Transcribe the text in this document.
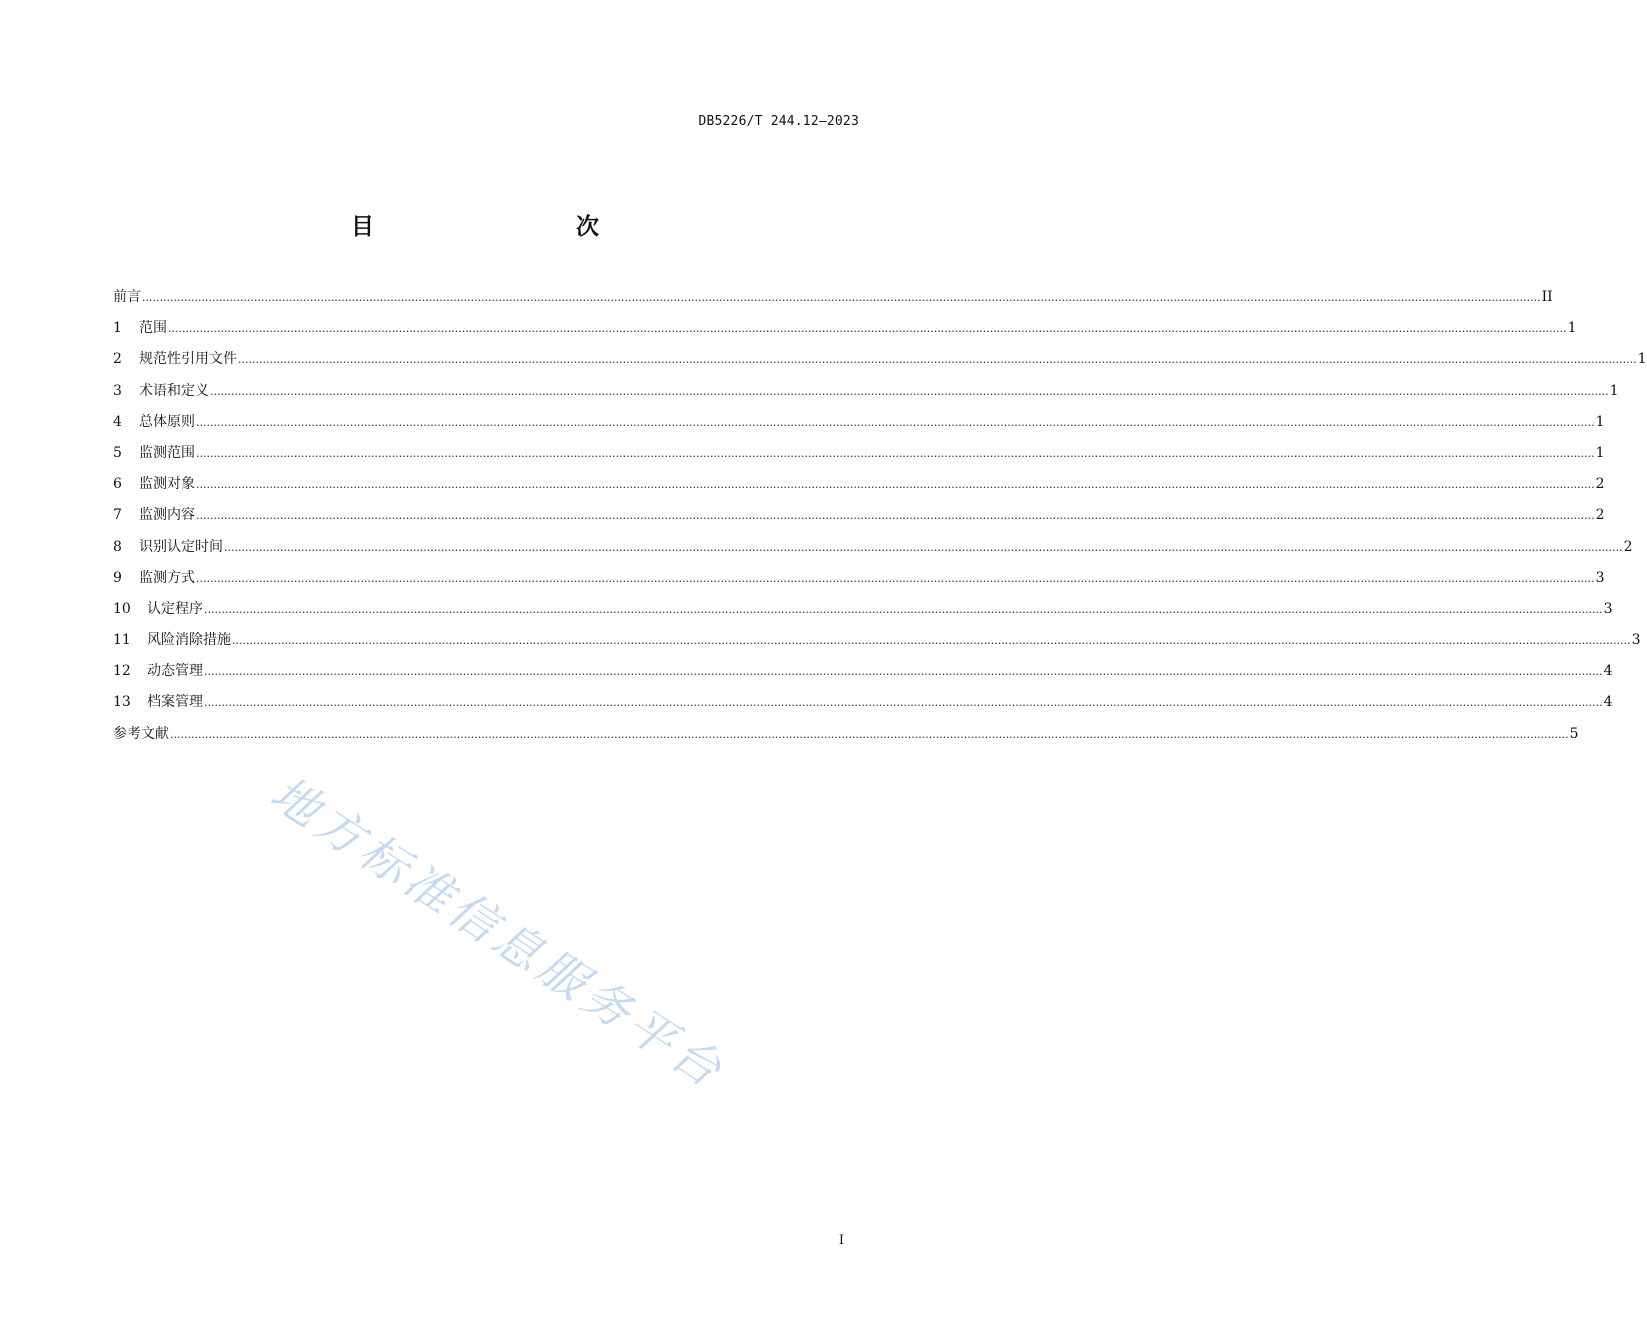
DB5226/T 244.12—2023
目　　次
前言 ................................................................................................................................................................................................................................................................................................................................................................................................................ II
1	范围 ................................................................................................................................................................................................................................................................................................................................................................................................................ 1
2	规范性引用文件 ................................................................................................................................................................................................................................................................................................................................................................................................................ 1
3	术语和定义 ................................................................................................................................................................................................................................................................................................................................................................................................................ 1
4	总体原则 ................................................................................................................................................................................................................................................................................................................................................................................................................ 1
5	监测范围 ................................................................................................................................................................................................................................................................................................................................................................................................................ 1
6	监测对象 ................................................................................................................................................................................................................................................................................................................................................................................................................ 2
7	监测内容 ................................................................................................................................................................................................................................................................................................................................................................................................................ 2
8	识别认定时间 ................................................................................................................................................................................................................................................................................................................................................................................................................ 2
9	监测方式 ................................................................................................................................................................................................................................................................................................................................................................................................................ 3
10	认定程序 ................................................................................................................................................................................................................................................................................................................................................................................................................ 3
11	风险消除措施 ................................................................................................................................................................................................................................................................................................................................................................................................................ 3
12	动态管理 ................................................................................................................................................................................................................................................................................................................................................................................................................ 4
13	档案管理 ................................................................................................................................................................................................................................................................................................................................................................................................................ 4
参考文献 ................................................................................................................................................................................................................................................................................................................................................................................................................ 5
地方标准信息服务平台
I
